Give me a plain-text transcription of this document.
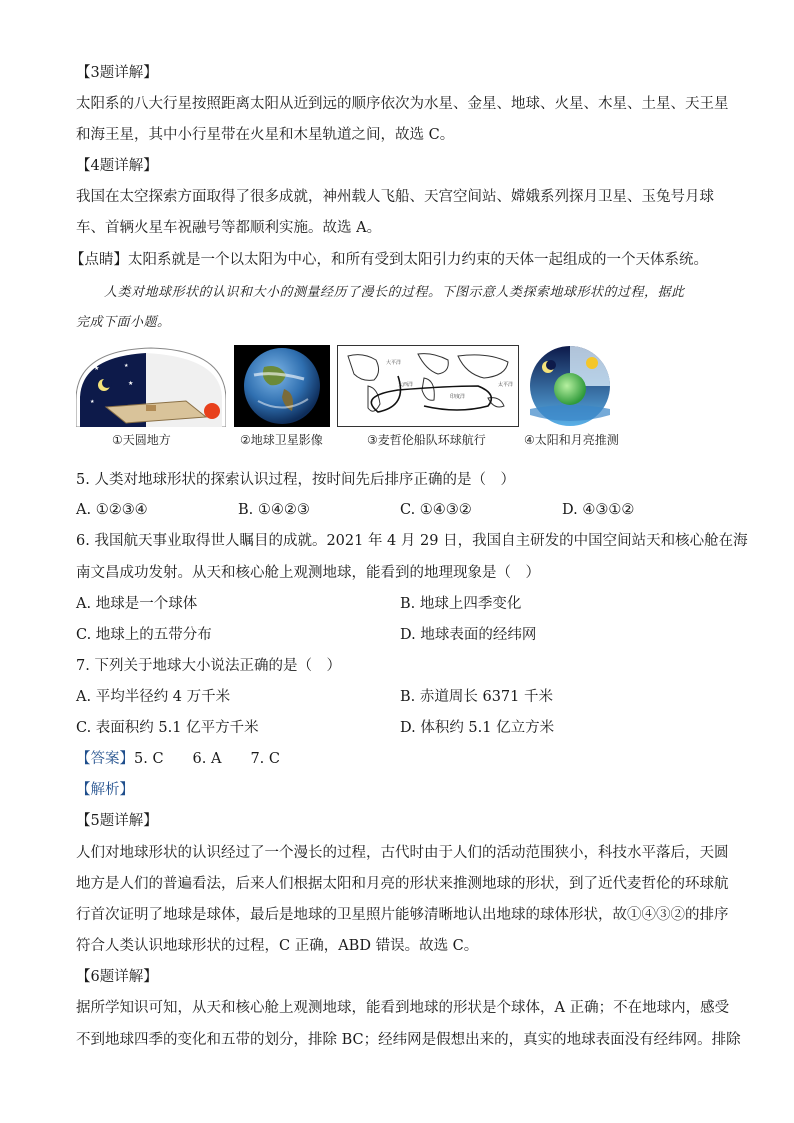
【3题详解】
太阳系的八大行星按照距离太阳从近到远的顺序依次为水星、金星、地球、火星、木星、土星、天王星
和海王星，其中小行星带在火星和木星轨道之间，故选 C。
【4题详解】
我国在太空探索方面取得了很多成就，神州载人飞船、天宫空间站、嫦娥系列探月卫星、玉兔号月球
车、首辆火星车祝融号等都顺利实施。故选 A。
【点睛】太阳系就是一个以太阳为中心，和所有受到太阳引力约束的天体一起组成的一个天体系统。
人类对地球形状的认识和大小的测量经历了漫长的过程。下图示意人类探索地球形状的过程，据此
完成下面小题。
★	★
★
★
①天圆地方	②地球卫星影像
大平洋
大西洋
印度洋
太平洋
③麦哲伦船队环球航行	④太阳和月亮推测
5. 人类对地球形状的探索认识过程，按时间先后排序正确的是（　）
A. ①②③④	B. ①④②③	C. ①④③②	D. ④③①②
6. 我国航天事业取得世人瞩目的成就。2021 年 4 月 29 日，我国自主研发的中国空间站天和核心舱在海
南文昌成功发射。从天和核心舱上观测地球，能看到的地理现象是（　）
A. 地球是一个球体	B. 地球上四季变化
C. 地球上的五带分布	D. 地球表面的经纬网
7. 下列关于地球大小说法正确的是（　）
A. 平均半径约 4 万千米	B. 赤道周长 6371 千米
C. 表面积约 5.1 亿平方千米	D. 体积约 5.1 亿立方米
【答案】5. C　　6. A　　7. C
【解析】
【5题详解】
人们对地球形状的认识经过了一个漫长的过程，古代时由于人们的活动范围狭小，科技水平落后，天圆
地方是人们的普遍看法，后来人们根据太阳和月亮的形状来推测地球的形状，到了近代麦哲伦的环球航
行首次证明了地球是球体，最后是地球的卫星照片能够清晰地认出地球的球体形状，故①④③②的排序
符合人类认识地球形状的过程，C 正确，ABD 错误。故选 C。
【6题详解】
据所学知识可知，从天和核心舱上观测地球，能看到地球的形状是个球体，A 正确；不在地球内，感受
不到地球四季的变化和五带的划分，排除 BC；经纬网是假想出来的，真实的地球表面没有经纬网。排除
